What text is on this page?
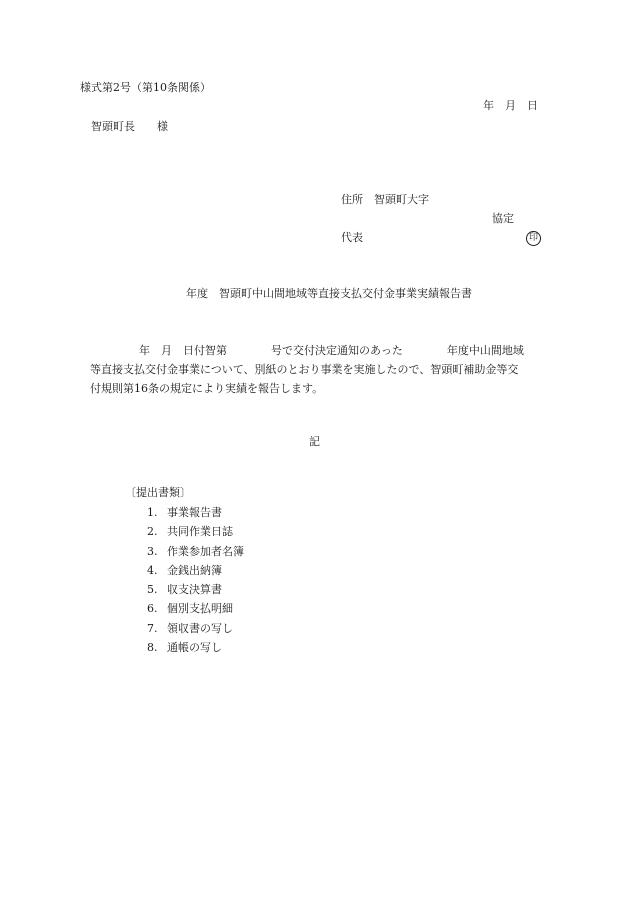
様式第2号（第10条関係）
年　月　日
智頭町長　　様
住所　智頭町大字
協定
代表	印
年度　智頭町中山間地域等直接支払交付金事業実績報告書
年　月　日付智第　　　　号で交付決定通知のあった　　　　年度中山間地域
等直接支払交付金事業について、別紙のとおり事業を実施したので、智頭町補助金等交
付規則第16条の規定により実績を報告します。
記
〔提出書類〕
1. 事業報告書
2. 共同作業日誌
3. 作業参加者名簿
4. 金銭出納簿
5. 収支決算書
6. 個別支払明細
7. 領収書の写し
8. 通帳の写し
